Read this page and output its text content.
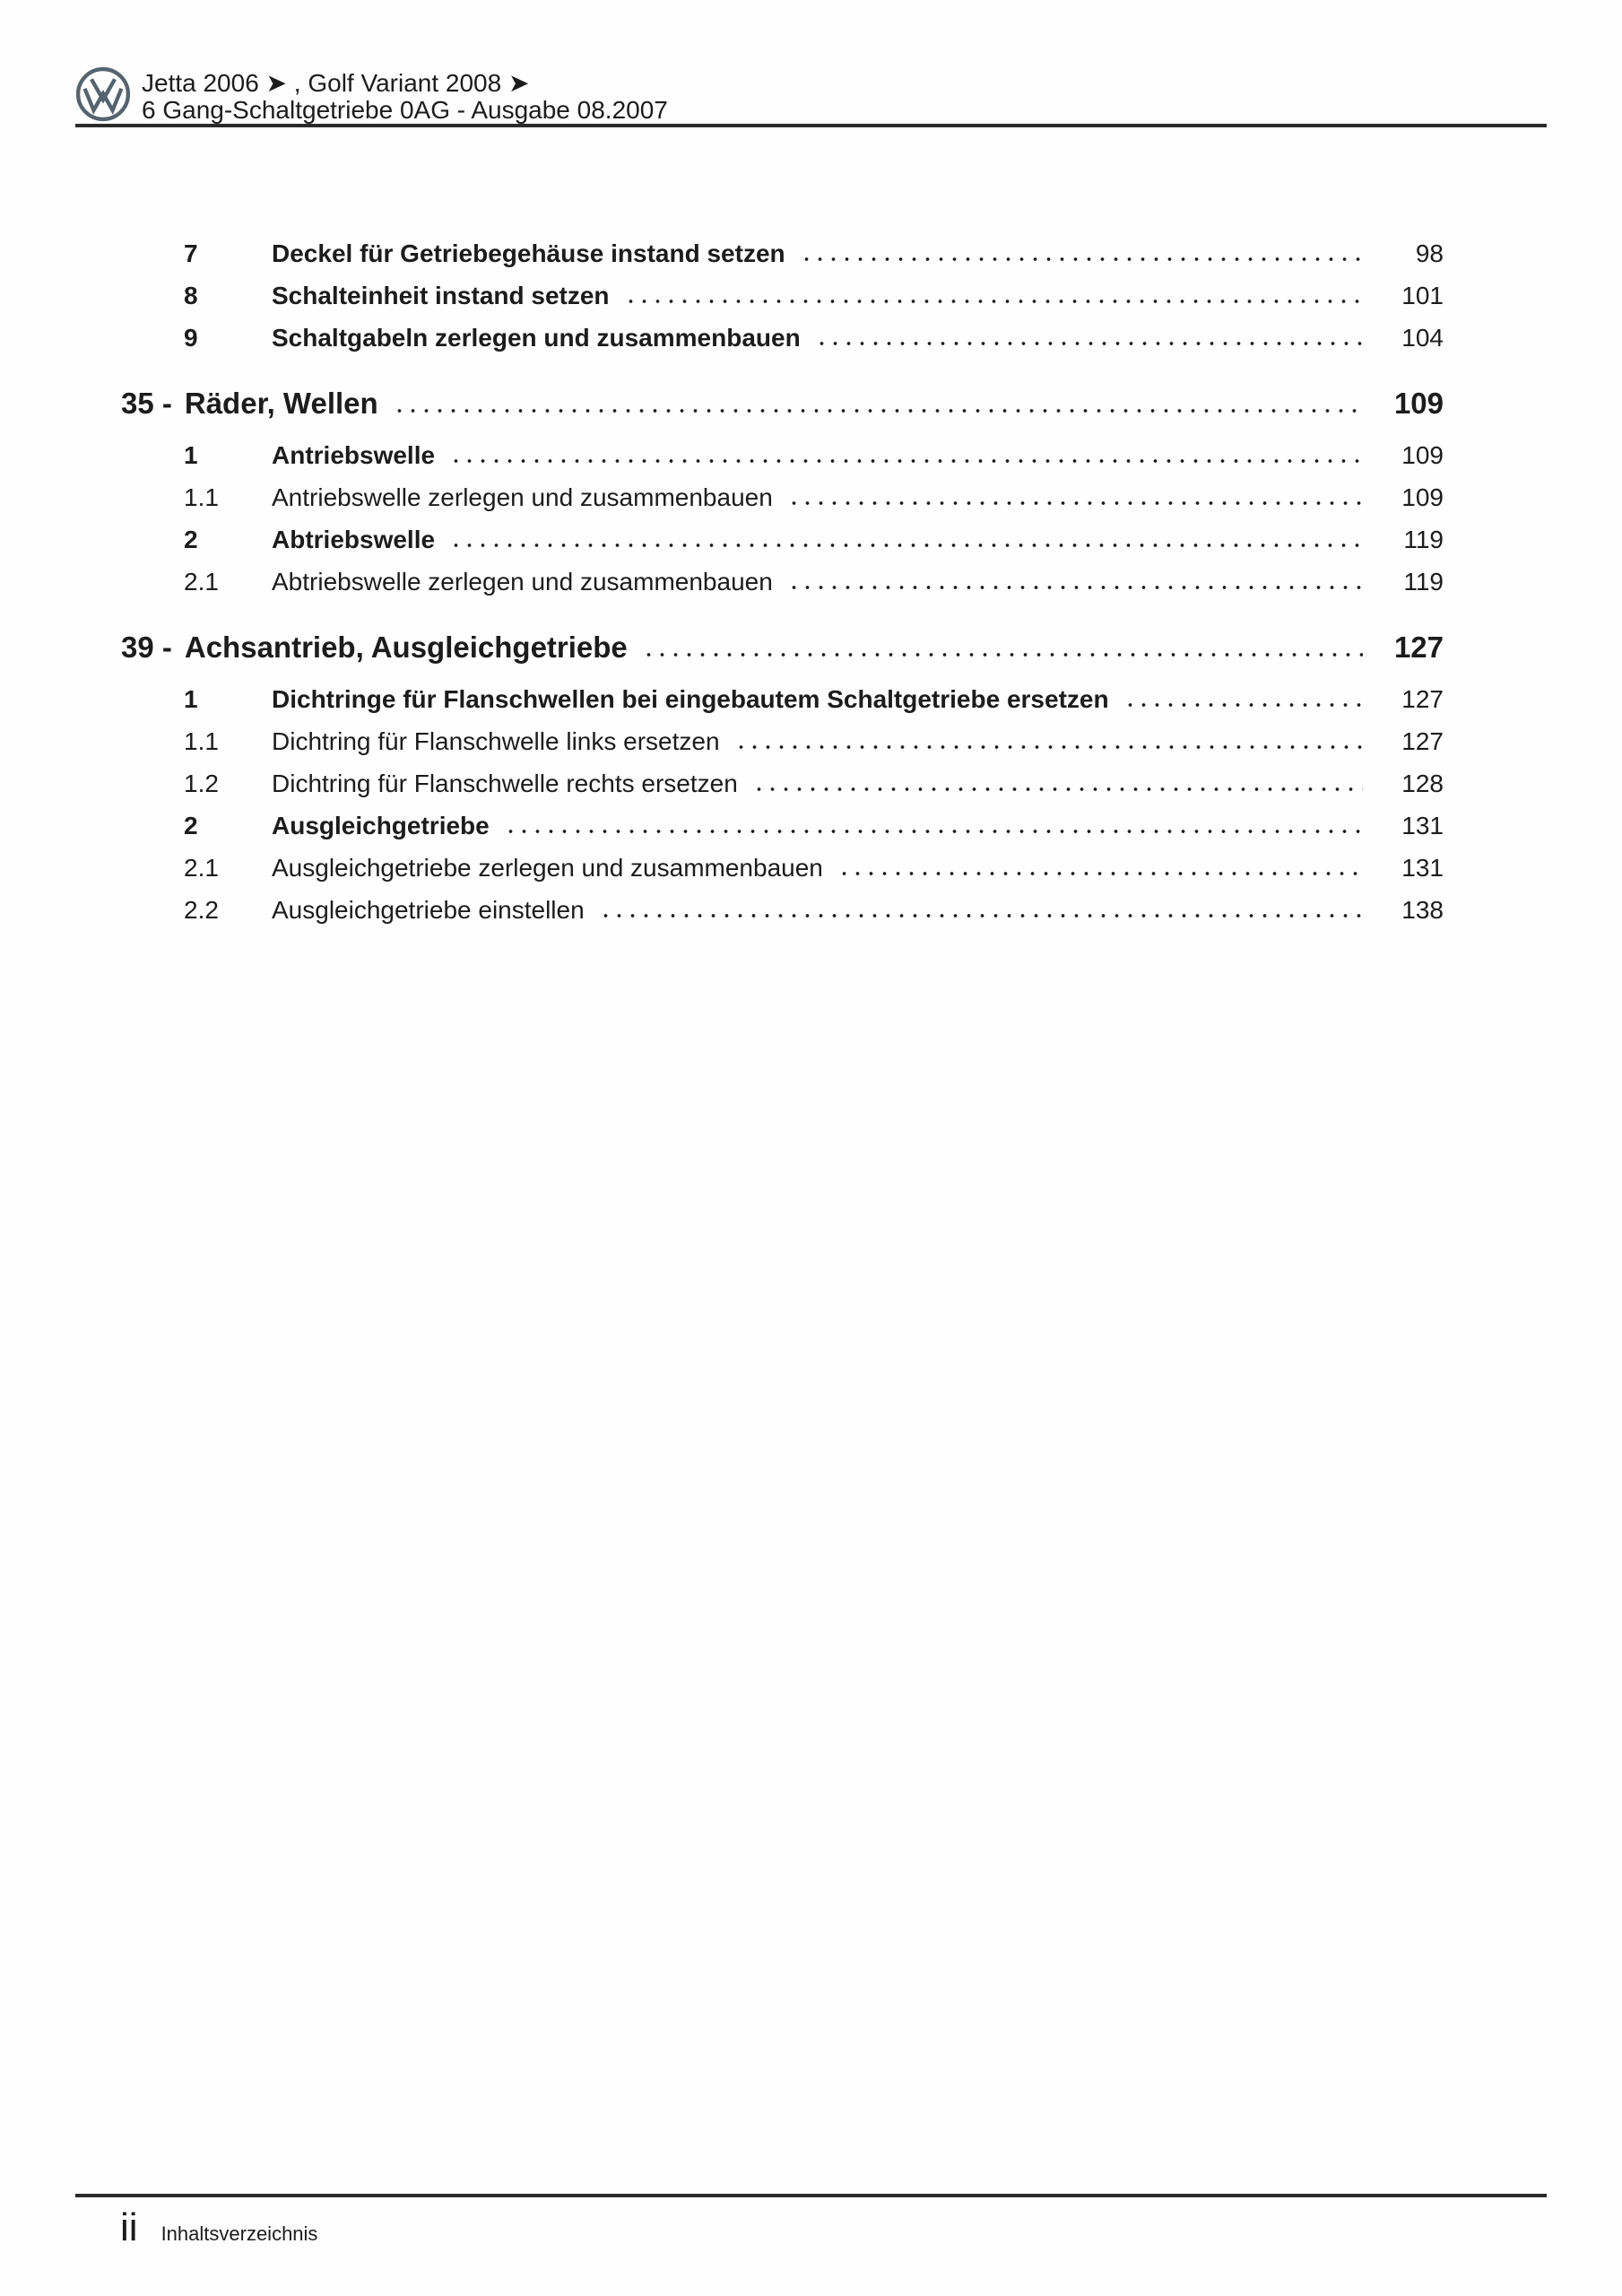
Jetta 2006 ➤ , Golf Variant 2008 ➤
6 Gang-Schaltgetriebe 0AG - Ausgabe 08.2007
7	Deckel für Getriebegehäuse instand setzen	98
8	Schalteinheit instand setzen	101
9	Schaltgabeln zerlegen und zusammenbauen	104
35 - Räder, Wellen	109
1	Antriebswelle	109
1.1	Antriebswelle zerlegen und zusammenbauen	109
2	Abtriebswelle	119
2.1	Abtriebswelle zerlegen und zusammenbauen	119
39 - Achsantrieb, Ausgleichgetriebe	127
1	Dichtringe für Flanschwellen bei eingebautem Schaltgetriebe ersetzen	127
1.1	Dichtring für Flanschwelle links ersetzen	127
1.2	Dichtring für Flanschwelle rechts ersetzen	128
2	Ausgleichgetriebe	131
2.1	Ausgleichgetriebe zerlegen und zusammenbauen	131
2.2	Ausgleichgetriebe einstellen	138
ii Inhaltsverzeichnis
